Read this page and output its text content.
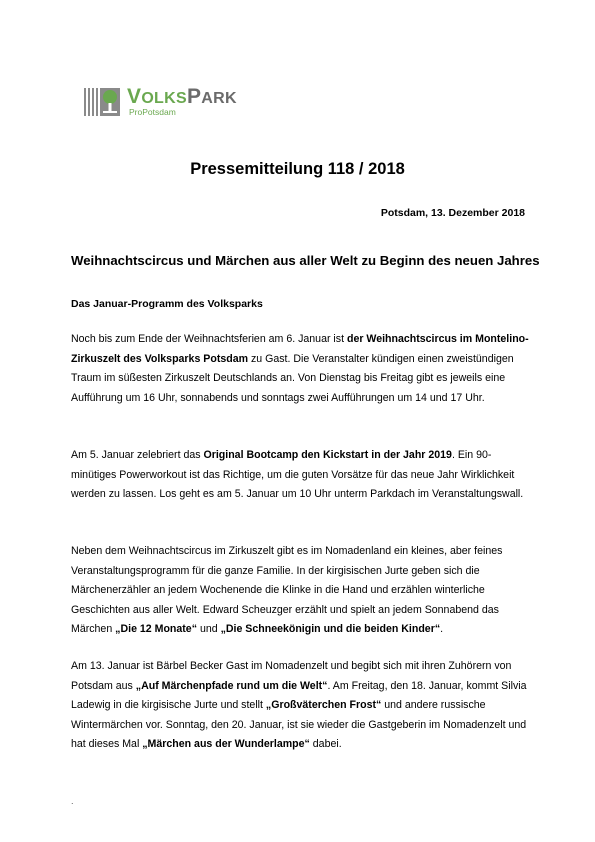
VOLKSPARK
ProPotsdam
Pressemitteilung 118 / 2018
Potsdam, 13. Dezember 2018
Weihnachtscircus und Märchen aus aller Welt zu Beginn des neuen Jahres
Das Januar-Programm des Volksparks

Noch bis zum Ende der Weihnachtsferien am 6. Januar ist der Weihnachtscircus im Montelino-Zirkuszelt des Volksparks Potsdam zu Gast. Die Veranstalter kündigen einen zweistündigen Traum im süßesten Zirkuszelt Deutschlands an. Von Dienstag bis Freitag gibt es jeweils eine Aufführung um 16 Uhr, sonnabends und sonntags zwei Aufführungen um 14 und 17 Uhr.

Am 5. Januar zelebriert das Original Bootcamp den Kickstart in der Jahr 2019. Ein 90-minütiges Powerworkout ist das Richtige, um die guten Vorsätze für das neue Jahr Wirklichkeit werden zu lassen. Los geht es am 5. Januar um 10 Uhr unterm Parkdach im Veranstaltungswall.

Neben dem Weihnachtscircus im Zirkuszelt gibt es im Nomadenland ein kleines, aber feines Veranstaltungsprogramm für die ganze Familie. In der kirgisischen Jurte geben sich die Märchenerzähler an jedem Wochenende die Klinke in die Hand und erzählen winterliche Geschichten aus aller Welt. Edward Scheuzger erzählt und spielt an jedem Sonnabend das Märchen „Die 12 Monate“ und „Die Schneekönigin und die beiden Kinder“.

Am 13. Januar ist Bärbel Becker Gast im Nomadenzelt und begibt sich mit ihren Zuhörern von Potsdam aus „Auf Märchenpfade rund um die Welt“. Am Freitag, den 18. Januar, kommt Silvia Ladewig in die kirgisische Jurte und stellt „Großväterchen Frost“ und andere russische Wintermärchen vor. Sonntag, den 20. Januar, ist sie wieder die Gastgeberin im Nomadenzelt und hat dieses Mal „Märchen aus der Wunderlampe“ dabei.

.
